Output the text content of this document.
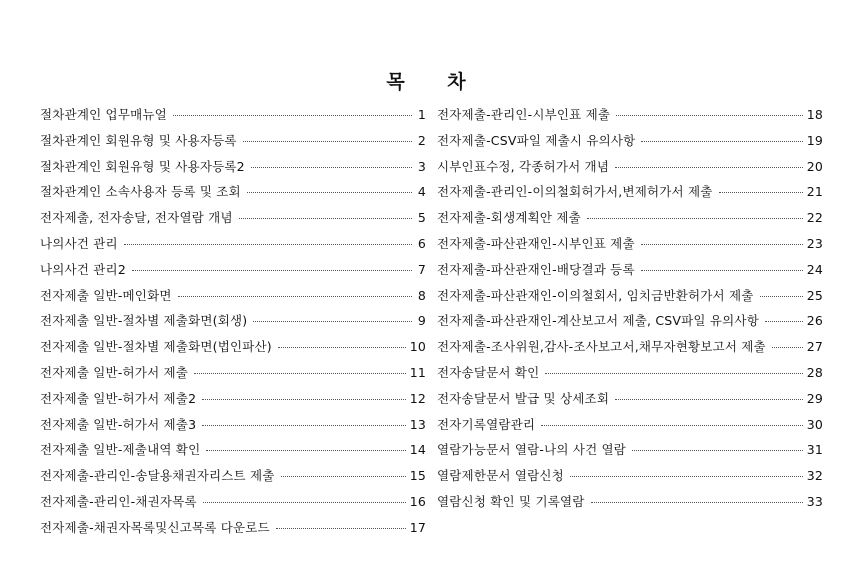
목 차
절차관계인 업무매뉴얼	1
절차관계인 회원유형 및 사용자등록	2
절차관계인 회원유형 및 사용자등록2	3
절차관계인 소속사용자 등록 및 조회	4
전자제출, 전자송달, 전자열람 개념	5
나의사건 관리	6
나의사건 관리2	7
전자제출 일반-메인화면	8
전자제출 일반-절차별 제출화면(회생)	9
전자제출 일반-절차별 제출화면(법인파산)	10
전자제출 일반-허가서 제출	11
전자제출 일반-허가서 제출2	12
전자제출 일반-허가서 제출3	13
전자제출 일반-제출내역 확인	14
전자제출-관리인-송달용채권자리스트 제출	15
전자제출-관리인-채권자목록	16
전자제출-채권자목록및신고목록 다운로드	17
전자제출-관리인-시부인표 제출	18
전자제출-CSV파일 제출시 유의사항	19
시부인표수정, 각종허가서 개념	20
전자제출-관리인-이의철회허가서,변제허가서 제출	21
전자제출-회생계획안 제출	22
전자제출-파산관재인-시부인표 제출	23
전자제출-파산관재인-배당결과 등록	24
전자제출-파산관재인-이의철회서, 임치금반환허가서 제출	25
전자제출-파산관재인-계산보고서 제출, CSV파일 유의사항	26
전자제출-조사위원,감사-조사보고서,채무자현황보고서 제출	27
전자송달문서 확인	28
전자송달문서 발급 및 상세조회	29
전자기록열람관리	30
열람가능문서 열람-나의 사건 열람	31
열람제한문서 열람신청	32
열람신청 확인 및 기록열람	33
